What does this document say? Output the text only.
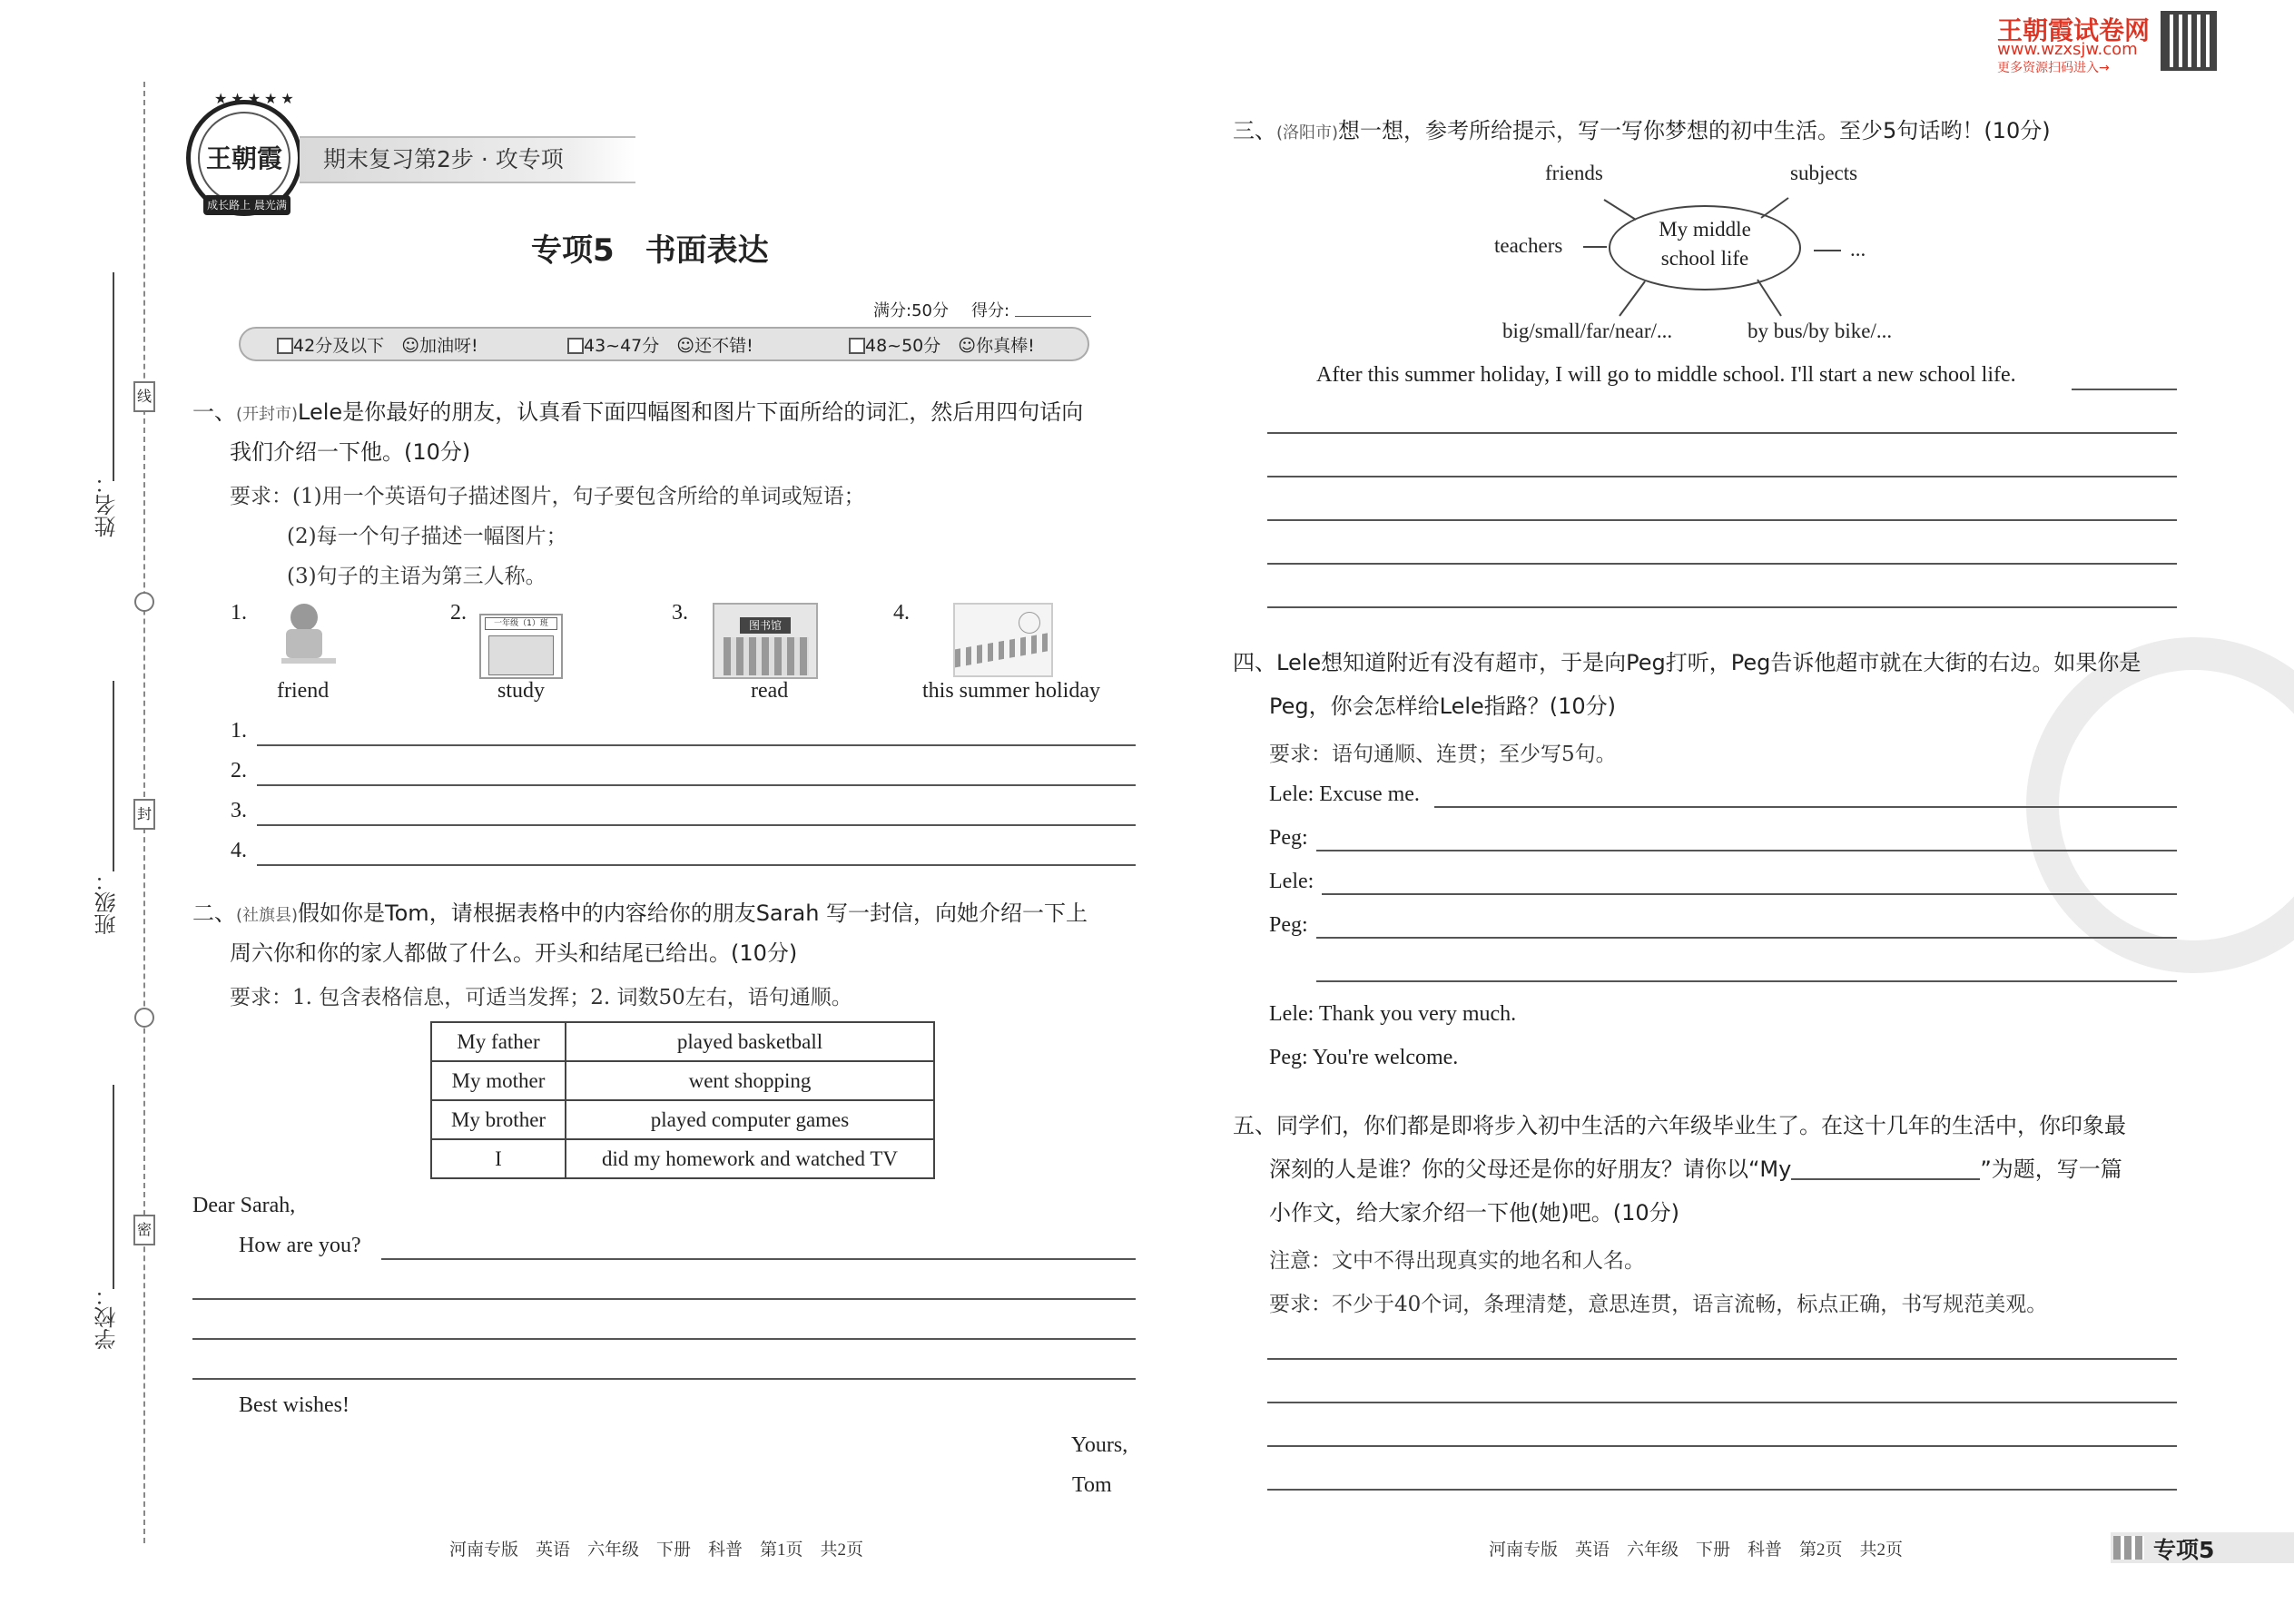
线
封
密
姓名：
班级：
学校：
王朝霞
成长路上 晨光满天
★★★★★
期末复习第2步 · 攻专项
王朝霞试卷网
www.wzxsjw.com
更多资源扫码进入→
专项5　书面表达
满分:50分 得分:
42分及以下　 ☺加油呀!	43~47分　 ☺还不错!	48~50分　 ☺你真棒!
一、(开封市)Lele是你最好的朋友，认真看下面四幅图和图片下面所给的词汇，然后用四句话向
我们介绍一下他。(10分)
要求：(1)用一个英语句子描述图片，句子要包含所给的单词或短语；
(2)每一个句子描述一幅图片；
(3)句子的主语为第三人称。
1.
friend
2.	一年级（1）班
study
3.
图书馆
read
4.
this summer holiday
1.
2.
3.
4.
二、(社旗县)假如你是Tom，请根据表格中的内容给你的朋友Sarah 写一封信，向她介绍一下上
周六你和你的家人都做了什么。开头和结尾已给出。(10分)
要求：1. 包含表格信息，可适当发挥；2. 词数50左右，语句通顺。
My father	played basketball
My mother	went shopping
My brother	played computer games
I	did my homework and watched TV
Dear Sarah,
How are you?
Best wishes!
Yours,
Tom
河南专版　英语　六年级　下册　科普　第1页　共2页
三、(洛阳市)想一想，参考所给提示，写一写你梦想的初中生活。至少5句话哟！(10分)
My middle
school life
friends	subjects
teachers	...
big/small/far/near/...	by bus/by bike/...
After this summer holiday, I will go to middle school. I'll start a new school life.
四、Lele想知道附近有没有超市，于是向Peg打听，Peg告诉他超市就在大街的右边。如果你是
Peg，你会怎样给Lele指路？(10分)
要求：语句通顺、连贯；至少写5句。
Lele: Excuse me.
Peg:
Lele:
Peg:
Lele: Thank you very much.
Peg: You're welcome.
五、同学们，你们都是即将步入初中生活的六年级毕业生了。在这十几年的生活中，你印象最
深刻的人是谁？你的父母还是你的好朋友？请你以“My	”为题，写一篇
小作文，给大家介绍一下他(她)吧。(10分)
注意：文中不得出现真实的地名和人名。
要求：不少于40个词，条理清楚，意思连贯，语言流畅，标点正确，书写规范美观。
河南专版　英语　六年级　下册　科普　第2页　共2页	专项5
